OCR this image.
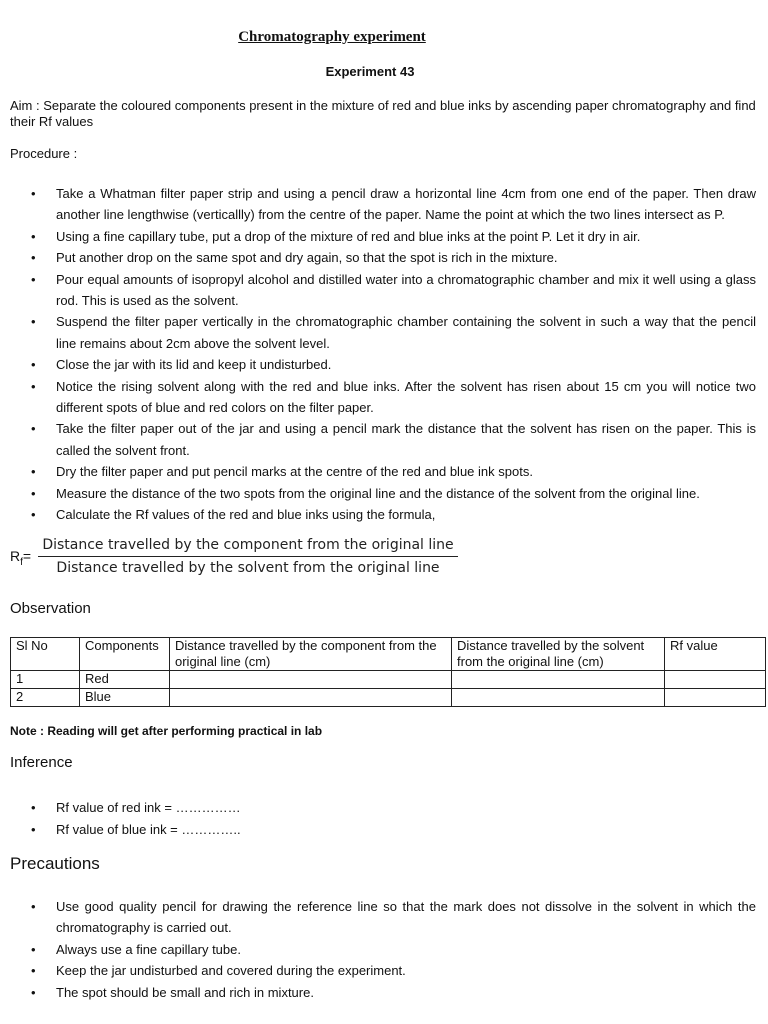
Chromatography experiment
Experiment 43
Aim : Separate the coloured components present in the mixture of red and blue inks by ascending paper chromatography and find their Rf values
Procedure :
• Take a Whatman filter paper strip and using a pencil draw a horizontal line 4cm from one end of the paper. Then draw another line lengthwise (verticallly) from the centre of the paper. Name the point at which the two lines intersect as P.
• Using a fine capillary tube, put a drop of the mixture of red and blue inks at the point P. Let it dry in air.
• Put another drop on the same spot and dry again, so that the spot is rich in the mixture.
• Pour equal amounts of isopropyl alcohol and distilled water into a chromatographic chamber and mix it well using a glass rod. This is used as the solvent.
• Suspend the filter paper vertically in the chromatographic chamber containing the solvent in such a way that the pencil line remains about 2cm above the solvent level.
• Close the jar with its lid and keep it undisturbed.
• Notice the rising solvent along with the red and blue inks. After the solvent has risen about 15 cm you will notice two different spots of blue and red colors on the filter paper.
• Take the filter paper out of the jar and using a pencil mark the distance that the solvent has risen on the paper. This is called the solvent front.
• Dry the filter paper and put pencil marks at the centre of the red and blue ink spots.
• Measure the distance of the two spots from the original line and the distance of the solvent from the original line.
• Calculate the Rf values of the red and blue inks using the formula,
$R_f=$
Distance travelled by the component from the original line
Distance travelled by the solvent from the original line
Observation
Sl No	Components	Distance travelled by the component from the original line (cm)	Distance travelled by the solvent from the original line (cm)	Rf value
1	Red			
2	Blue			
Note : Reading will get after performing practical in lab
Inference
• Rf value of red ink = ……………
• Rf value of blue ink = …………..
Precautions
• Use good quality pencil for drawing the reference line so that the mark does not dissolve in the solvent in which the chromatography is carried out.
• Always use a fine capillary tube.
• Keep the jar undisturbed and covered during the experiment.
• The spot should be small and rich in mixture.
